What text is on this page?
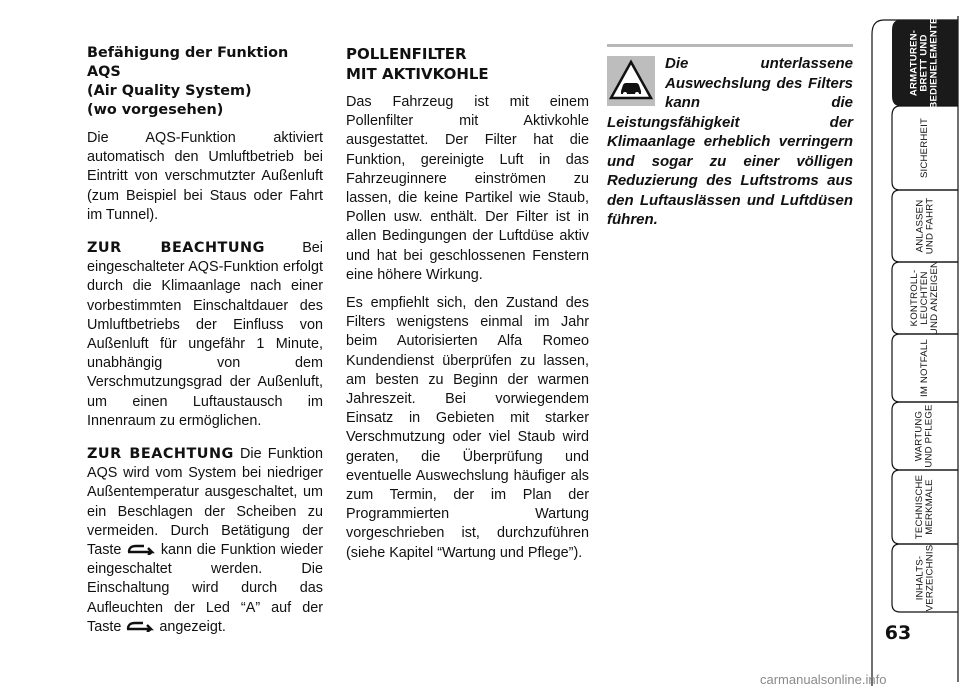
Befähigung der Funktion AQS
(Air Quality System)
(wo vorgesehen)

Die AQS-Funktion aktiviert automatisch den Umluftbetrieb bei Eintritt von verschmutzter Außenluft (zum Beispiel bei Staus oder Fahrt im Tunnel).

ZUR BEACHTUNG Bei eingeschalteter AQS-Funktion erfolgt durch die Klimaanlage nach einer vorbestimmten Einschaltdauer des Umluftbetriebs der Einfluss von Außenluft für ungefähr 1 Minute, unabhängig von dem Verschmutzungsgrad der Außenluft, um einen Luftaustausch im Innenraum zu ermöglichen.

ZUR BEACHTUNG Die Funktion AQS wird vom System bei niedriger Außentemperatur ausgeschaltet, um ein Beschlagen der Scheiben zu vermeiden. Durch Betätigung der Taste  kann die Funktion wieder eingeschaltet werden. Die Einschaltung wird durch das Aufleuchten der Led “A” auf der Taste  angezeigt.

POLLENFILTER
MIT AKTIVKOHLE

Das Fahrzeug ist mit einem Pollenfilter mit Aktivkohle ausgestattet. Der Filter hat die Funktion, gereinigte Luft in das Fahrzeuginnere einströmen zu lassen, die keine Partikel wie Staub, Pollen usw. enthält. Der Filter ist in allen Bedingungen der Luftdüse aktiv und hat bei geschlossenen Fenstern eine höhere Wirkung.

Es empfiehlt sich, den Zustand des Filters wenigstens einmal im Jahr beim Autorisierten Alfa Romeo Kundendienst überprüfen zu lassen, am besten zu Beginn der warmen Jahreszeit. Bei vorwiegendem Einsatz in Gebieten mit starker Verschmutzung oder viel Staub wird geraten, die Überprüfung und eventuelle Auswechslung häufiger als zum Termin, der im Plan der Programmierten Wartung vorgeschrieben ist, durchzuführen (siehe Kapitel “Wartung und Pflege”).

Die unterlassene Auswechslung des Filters kann die Leistungsfähigkeit der Klimaanlage erheblich verringern und sogar zu einer völligen Reduzierung des Luftstroms aus den Luftauslässen und Luftdüsen führen.
ARMATUREN-
BRETT UND
BEDIENELEMENTE
SICHERHEIT
ANLASSEN
UND FAHRT
KONTROLL-
LEUCHTEN
UND ANZEIGEN
IM NOTFALL
WARTUNG
UND PFLEGE
TECHNISCHE
MERKMALE
INHALTS-
VERZEICHNIS
63
carmanualsonline.info
